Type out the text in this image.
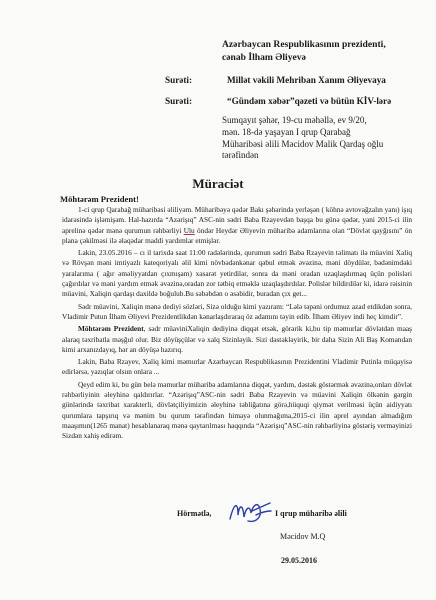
Azərbaycan Respublikasının prezidenti,
cənab İlham Əliyevə
Surəti:	Millət vəkili Mehriban Xanım Əliyevaya
Surəti:	“Gündəm xəbər”qəzeti və bütün KİV-lərə
Sumqayıt şəhər, 19-cu məhəllə, ev 9/20,
mən. 18-də yaşayan I qrup Qarabağ
Müharibəsi əlili Məcidov Malik Qardaş oğlu
tərəfindən
Müraciət
Möhtərəm Prezident!

1-ci qrup Qarabağ müharibəsi əliliyəm. Müharibəyə qədər Bakı şəhərində yerləşən ( köhnə avtovağzalın yanı) işıq idarəsində işləmişəm. Hal-hazırda “Azərişıq” ASC-nin sədri Baba Rzayevdən başqa bu günə qədər, yani 2015-ci ilin aprelinə qədər mənə qurumun rəhbərliyi Ulu öndər Heydər Əliyevin müharibə adamlarına olan “Dövlət qayğısını” ön plana çəkilməsi ilə əlaqədar maddi yardımlar etmişlər.

Lakin, 23.05.2016 – cı il tarixdə saat 11:00 radələrində, qurumun sədri Baba Rzayevin təlimatı ilə müavini Xaliq və Rövşən məni imtiyazlı kateqoriyalı əlil kimi növbədənkənar qəbul etmək əvəzinə, məni döydülər, bədənimdəki yaralarıma ( ağır əməliyyatdan çıxmışam) xəsarət yetirdilər, sonra da məni oradan uzaqlaşdırmaq üçün polisləri çağırdılar və məni yardım etmək əvəzinə,oradan zor tətbiq etməklə uzaqlaşdırdılar. Polislər bildirdilər ki, idarə rəisinin müavini, Xaliqin qardaşı daxildə boğulub.Bu səbəbdən o əsəbidir, buradan çıx get...

Sədr müavini, Xaliqin mənə dediyi sözləri, Sizə olduğu kimi yazıram: “Lələ təpəni ordumuz azad etdikdən sonra, Vladimir Putun İlham Əliyevi Prezidentlikdən kənarlaşdıraraq öz adamını təyin edib. İlham Əliyev indi heç kimdir”.

Möhtərəm Prezident, sədr müaviniXaliqin dediyinə diqqət etsək, görərik ki,bu tip məmurlar dövlətdən maaş alaraq təxribatla məşğul olur. Biz döyüşçülər və xalq Sizinləyik. Sizi dəstəkləyirik, bir daha Sizin Ali Baş Komandan kimi arxanızdayıq, hər an döyüşə hazırıq.

Lakin, Baba Rzayev, Xaliq kimi məmurlar Azərbaycan Respublikasının Prezidentini Vladimir Putinlə müqayisə edirlərsə, yazıqlar olsun onlara ...

Qeyd edim ki, bu gün belə məmurlar müharibə adamlarına diqqət, yardım, dəstək göstərmək əvəzinə,onları dövlət rəhbərliyinin əleyhinə qaldırırlar. “Azərişıq”ASC-nin sədri Baba Rzayevin və müavini Xaliqin ölkənin gərgin günlərində təxribat xarakterli, dövlətçiliyimizin əleyhinə təbliğatına görə,hüquqi qiymət verilməsi üçün aidiyyatı qurumlara tapşırıq və mənim bu qurum tərəfindən himayə olunmağıma,2015-ci ilin aprel ayından almadığım maaşımın(1265 manat) hesablanaraq mənə qaytarılması haqqında “Azərişıq”ASC-nin rəhbərliyinə göstəriş verməyinizi Sizdən xahiş edirəm.

Hörmətlə,	I qrup müharibə əlili
Məcidov M.Q
29.05.2016
